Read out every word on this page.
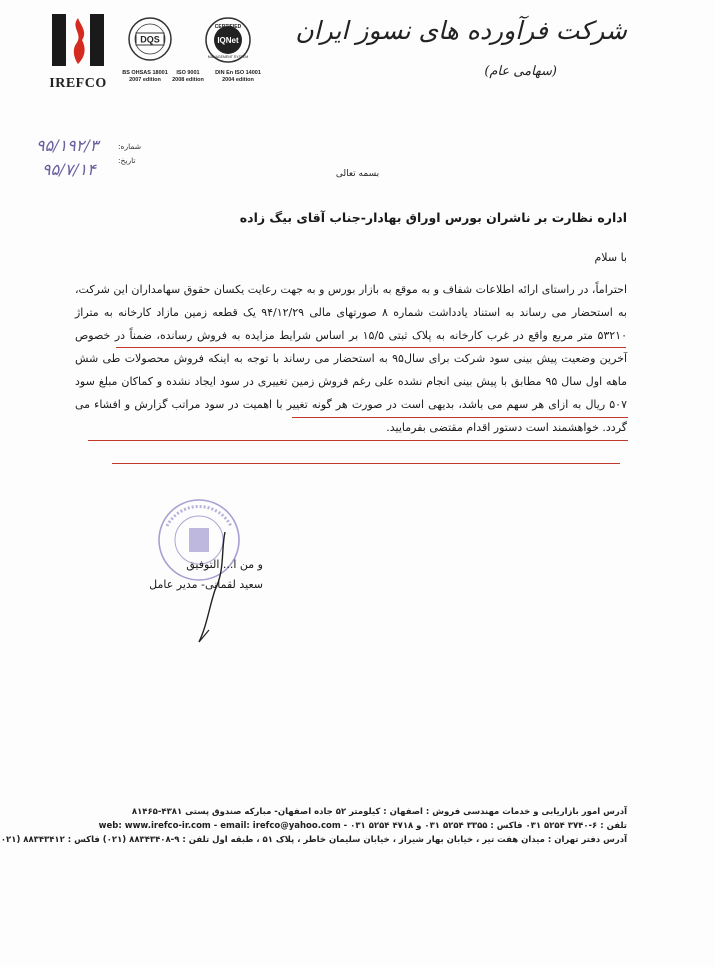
IREFCO
DQS
CERTIFIED
IQNet
MANAGEMENT SYSTEM
BS OHSAS 18001
2007 edition
ISO 9001
2008 edition
DIN En ISO 14001
2004 edition
شرکت فرآورده های نسوز ایران
(سهامی عام)
شماره:
تاریخ:
۹۵/۱۹۲/۳
۹۵/۷/۱۴	بسمه تعالی
اداره نظارت بر ناشران بورس اوراق بهادار-جناب آقای بیگ زاده
با سلام

احتراماً، در راستای ارائه اطلاعات شفاف و به موقع به بازار بورس و به جهت رعایت یکسان حقوق سهامداران این شرکت، به استحضار می رساند به استناد یادداشت شماره ۸ صورتهای مالی ۹۴/۱۲/۲۹ یک قطعه زمین مازاد کارخانه به متراژ ۵۳۲۱۰ متر مربع واقع در غرب کارخانه به پلاک ثبتی ۱۵/۵ بر اساس شرایط مزایده به فروش رسانده، ضمناً در خصوص آخرین وضعیت پیش بینی سود شرکت برای سال۹۵ به استحضار می رساند با توجه به اینکه فروش محصولات طی شش ماهه اول سال ۹۵ مطابق با پیش بینی انجام نشده علی رغم فروش زمین تغییری در سود ایجاد نشده و کماکان مبلغ سود ۵۰۷ ریال به ازای هر سهم می باشد، بدیهی است در صورت هر گونه تغییر با اهمیت در سود مراتب گزارش و افشاء می گردد. خواهشمند است دستور اقدام مقتضی بفرمایید.

و من ا... التوفیق
سعید لقمانی- مدیر عامل
آدرس امور بازاریابی و خدمات مهندسی فروش : اصفهان : کیلومتر ۵۲ جاده اصفهان- مبارکه صندوق پستی ۴۳۸۱-۸۱۴۶۵
تلفن : ۶-۳۷۴۰ ۵۲۵۴ ۰۳۱ فاکس : ۳۳۵۵ ۵۲۵۴ ۰۳۱ و ۴۷۱۸ ۵۲۵۴ ۰۳۱ - web: www.irefco-ir.com - email: irefco@yahoo.com
آدرس دفتر تهران : میدان هفت تیر ، خیابان بهار شیراز ، خیابان سلیمان خاطر ، پلاک ۵۱ ، طبقه اول تلفن : ۹-۸۸۳۴۳۴۰۸ (۰۲۱) فاکس : ۸۸۳۴۳۴۱۲ (۰۲۱
